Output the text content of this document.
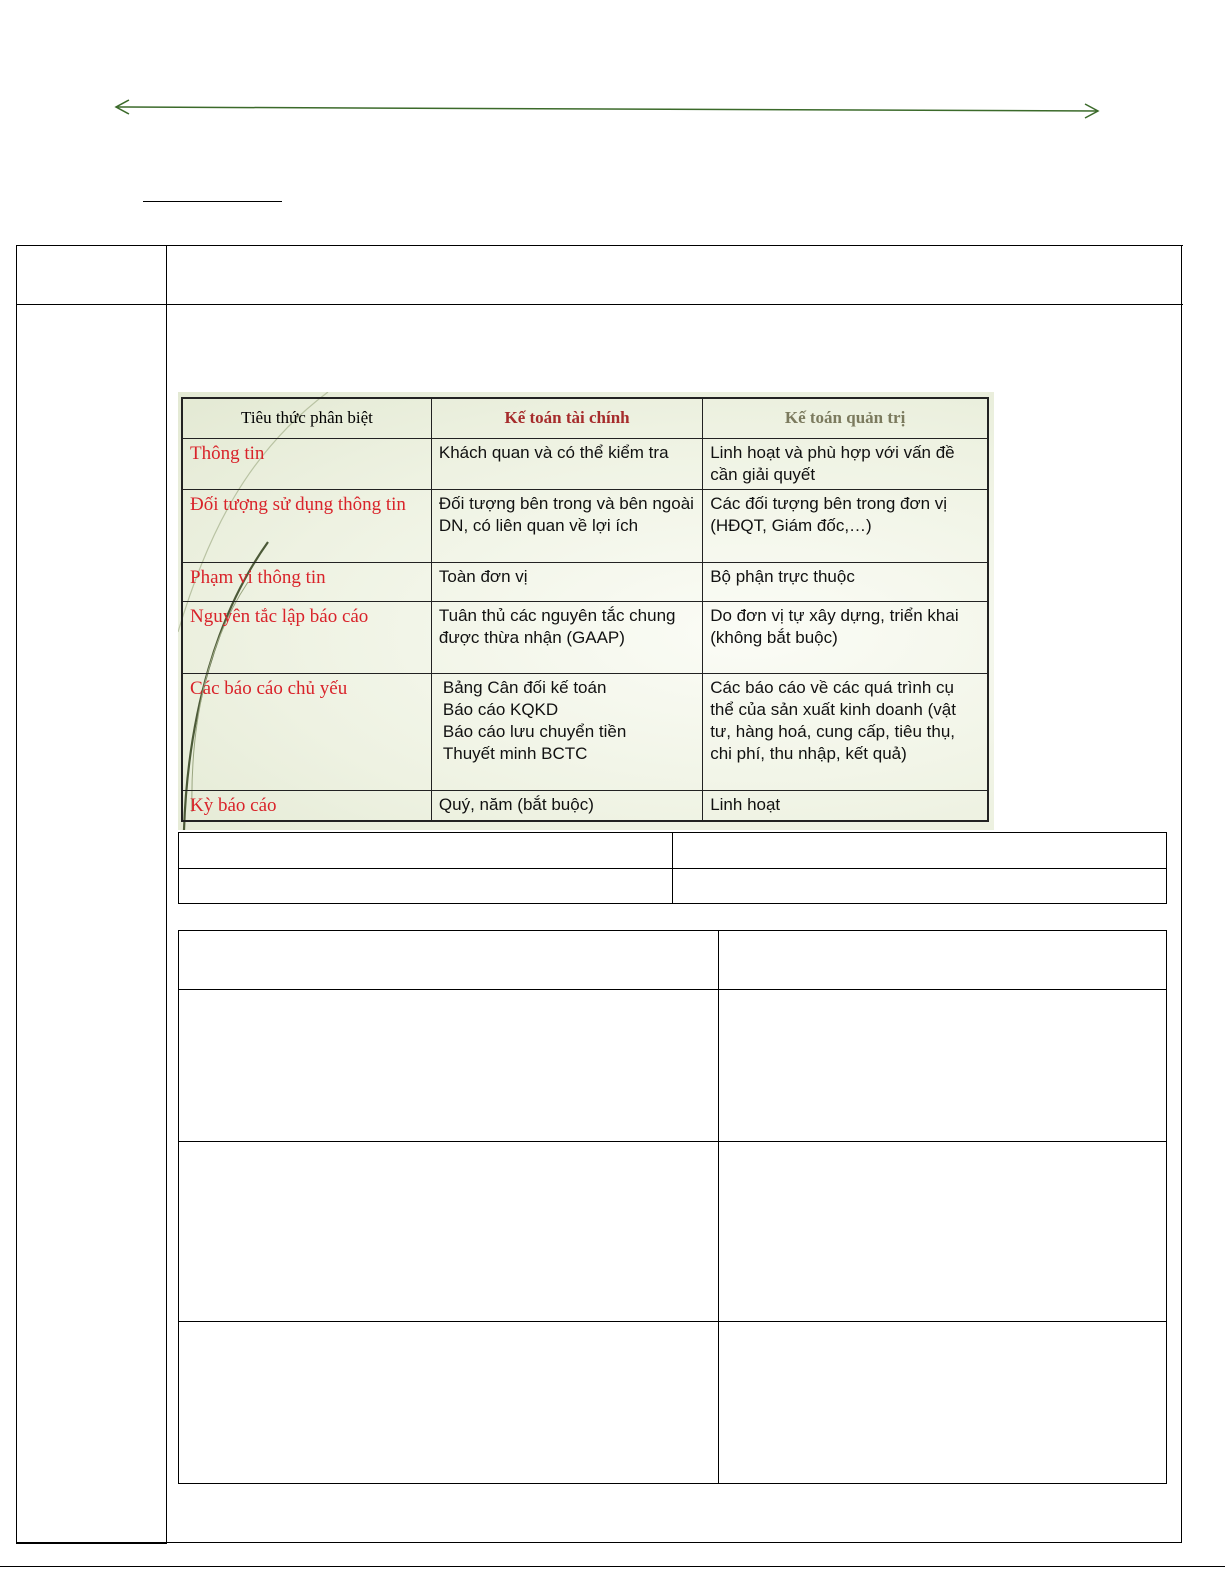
Tiêu thức phân biệt	Kế toán tài chính	Kế toán quản trị
Thông tin	Khách quan và có thể kiểm tra	Linh hoạt và phù hợp với vấn đề cần giải quyết
Đối tượng sử dụng thông tin	Đối tượng bên trong và bên ngoài DN, có liên quan về lợi ích	Các đối tượng bên trong đơn vị (HĐQT, Giám đốc,…)
Phạm vi thông tin	Toàn đơn vị	Bộ phận trực thuộc
Nguyên tắc lập báo cáo	Tuân thủ các nguyên tắc chung được thừa nhận (GAAP)	Do đơn vị tự xây dựng, triển khai (không bắt buộc)
Các báo cáo chủ yếu	Bảng Cân đối kế toán
Báo cáo KQKD
Báo cáo lưu chuyển tiền
Thuyết minh BCTC	Các báo cáo về các quá trình cụ thể của sản xuất kinh doanh (vật tư, hàng hoá, cung cấp, tiêu thụ, chi phí, thu nhập, kết quả)
Kỳ báo cáo	Quý, năm (bắt buộc)	Linh hoạt
